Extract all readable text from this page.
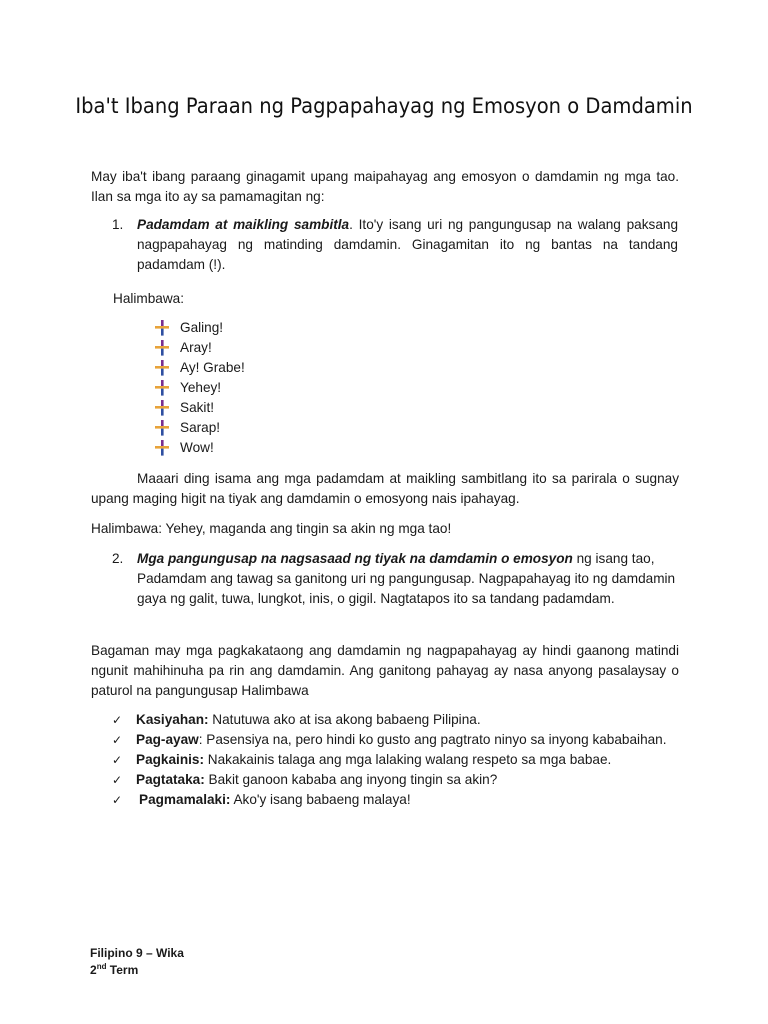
Iba't Ibang Paraan ng Pagpapahayag ng Emosyon o Damdamin
May iba't ibang paraang ginagamit upang maipahayag ang emosyon o damdamin ng mga tao. Ilan sa mga ito ay sa pamamagitan ng:
1. Padamdam at maikling sambitla. Ito'y isang uri ng pangungusap na walang paksang nagpapahayag ng matinding damdamin. Ginagamitan ito ng bantas na tandang padamdam (!).
Halimbawa:
Galing!
Aray!
Ay! Grabe!
Yehey!
Sakit!
Sarap!
Wow!
Maaari ding isama ang mga padamdam at maikling sambitlang ito sa parirala o sugnay upang maging higit na tiyak ang damdamin o emosyong nais ipahayag.
Halimbawa: Yehey, maganda ang tingin sa akin ng mga tao!
2. Mga pangungusap na nagsasaad ng tiyak na damdamin o emosyon ng isang tao, Padamdam ang tawag sa ganitong uri ng pangungusap. Nagpapahayag ito ng damdamin gaya ng galit, tuwa, lungkot, inis, o gigil. Nagtatapos ito sa tandang padamdam.
Bagaman may mga pagkakataong ang damdamin ng nagpapahayag ay hindi gaanong matindi ngunit mahihinuha pa rin ang damdamin. Ang ganitong pahayag ay nasa anyong pasalaysay o paturol na pangungusap Halimbawa
✓	Kasiyahan: Natutuwa ako at isa akong babaeng Pilipina.
✓	Pag-ayaw: Pasensiya na, pero hindi ko gusto ang pagtrato ninyo sa inyong kababaihan.
✓	Pagkainis: Nakakainis talaga ang mga lalaking walang respeto sa mga babae.
✓	Pagtataka: Bakit ganoon kababa ang inyong tingin sa akin?
✓	Pagmamalaki: Ako'y isang babaeng malaya!
Filipino 9 – Wika
2nd Term
